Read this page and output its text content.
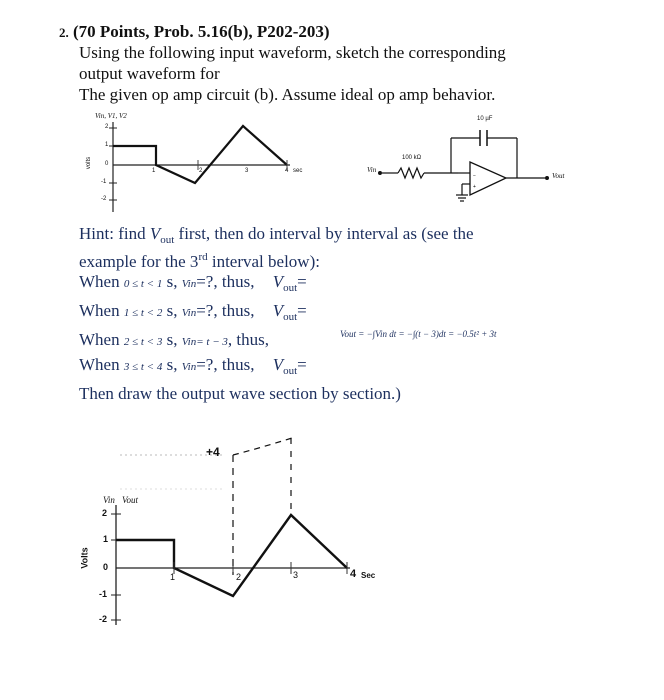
2. (70 Points, Prob. 5.16(b), P202-203)
Using the following input waveform, sketch the corresponding
output waveform for
The given op amp circuit (b). Assume ideal op amp behavior.
Vin, V1, V2
volts
2
1
0
-1
-2
1	2	3	4 sec
−
+
10 µF
100 kΩ
Vin
Vout
Hint: find $V_{out}$ first, then do interval by interval as (see the
example for the 3rd interval below):
When 0 ≤ t < 1 s, Vin=?, thus, $V_{out}=$
When 1 ≤ t < 2 s, Vin=?, thus, $V_{out}=$
When 2 ≤ t < 3 s, Vin= t − 3, thus,	Vout = −∫Vin dt = −∫(t − 3)dt = −0.5t² + 3t
When 3 ≤ t < 4 s, Vin=?, thus, $V_{out}=$
Then draw the output wave section by section.)
+4
Vin Vout
Volts
2
1
0
-1
-2
1	2	3	4 Sec
